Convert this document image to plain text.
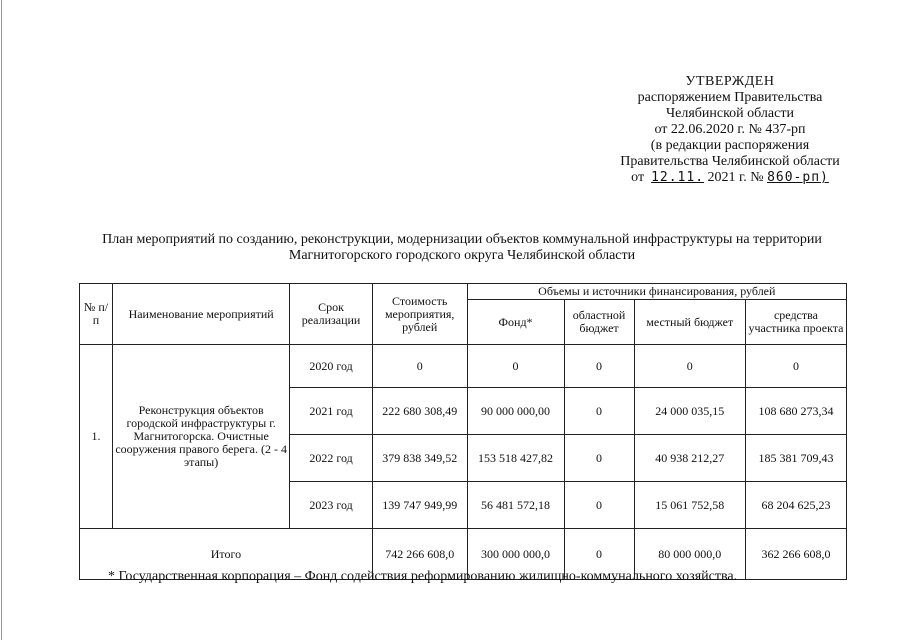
УТВЕРЖДЕН
распоряжением Правительства
Челябинской области
от 22.06.2020 г. № 437-рп
(в редакции распоряжения
Правительства Челябинской области
от 12.11. 2021 г. № 860-рп)
План мероприятий по созданию, реконструкции, модернизации объектов коммунальной инфраструктуры на территории Магнитогорского городского округа Челябинской области
№ п/п	Наименование мероприятий	Срок реализации	Стоимость мероприятия, рублей	Объемы и источники финансирования, рублей			
				Фонд*	областной бюджет	местный бюджет	средства участника проекта
1.	Реконструкция объектов городской инфраструктуры г. Магнитогорска. Очистные сооружения правого берега. (2 - 4 этапы)	2020 год	0	0	0	0	0
		2021 год	222 680 308,49	90 000 000,00	0	24 000 035,15	108 680 273,34
		2022 год	379 838 349,52	153 518 427,82	0	40 938 212,27	185 381 709,43
		2023 год	139 747 949,99	56 481 572,18	0	15 061 752,58	68 204 625,23
Итого			742 266 608,0	300 000 000,0	0	80 000 000,0	362 266 608,0
* Государственная корпорация – Фонд содействия реформированию жилищно-коммунального хозяйства.
